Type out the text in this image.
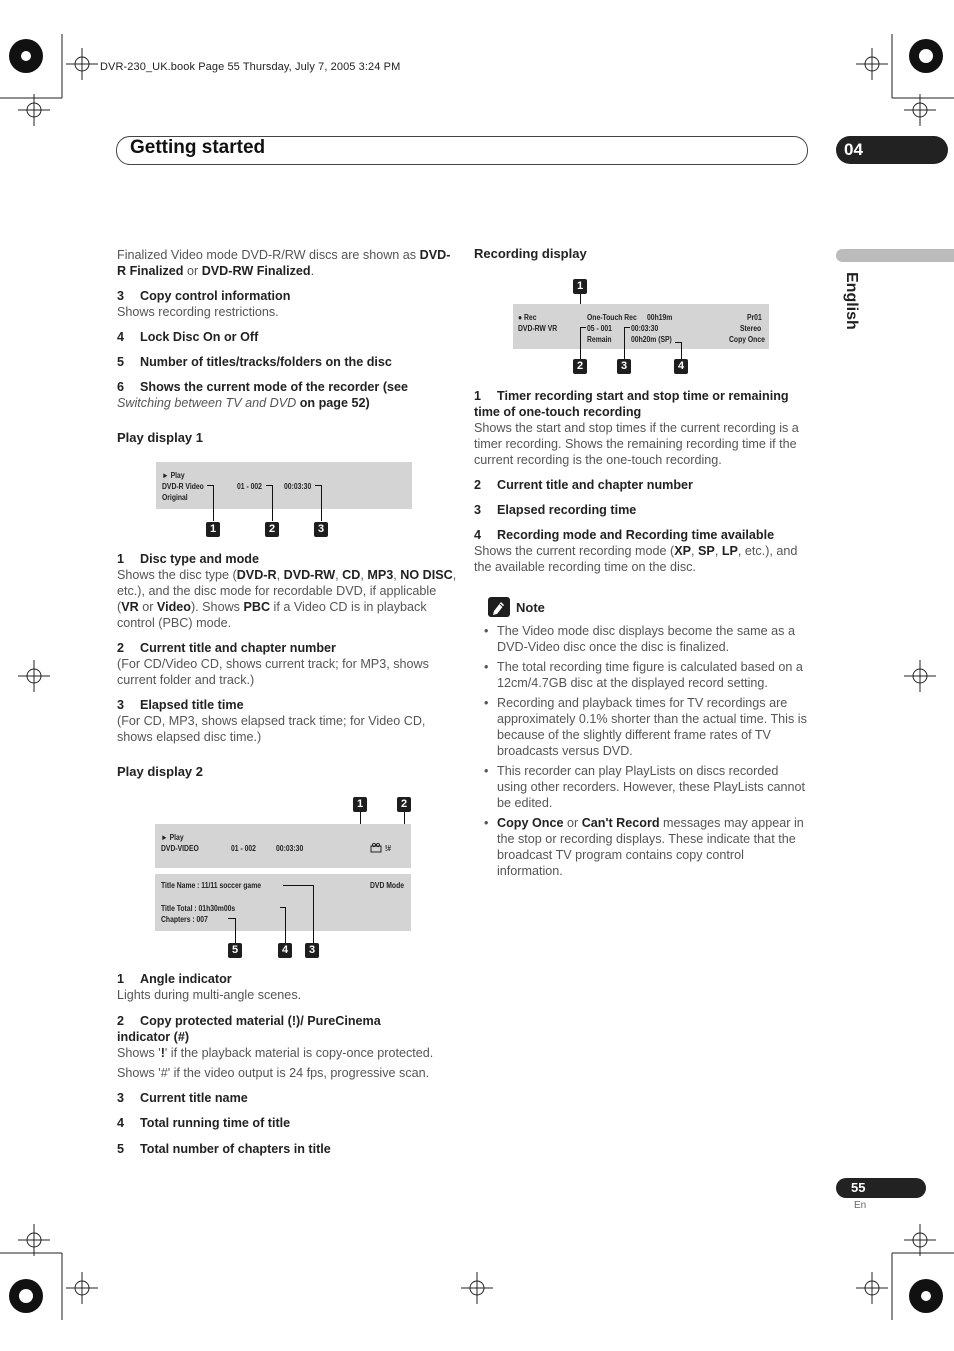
DVR-230_UK.book Page 55 Thursday, July 7, 2005 3:24 PM
Getting started	04
English

Finalized Video mode DVD-R/RW discs are shown as DVD-R Finalized or DVD-RW Finalized.

3 Copy control information

Shows recording restrictions.

4 Lock Disc On or Off

5 Number of titles/tracks/folders on the disc

6 Shows the current mode of the recorder (see

Switching between TV and DVD on page 52)

Play display 1
► Play
DVD-R Video
Original
01 - 002	00:03:30
1	2	3

1 Disc type and mode

Shows the disc type (DVD-R, DVD-RW, CD, MP3, NO DISC, etc.), and the disc mode for recordable DVD, if applicable (VR or Video). Shows PBC if a Video CD is in playback control (PBC) mode.

2 Current title and chapter number

(For CD/Video CD, shows current track; for MP3, shows current folder and track.)

3 Elapsed title time

(For CD, MP3, shows elapsed track time; for Video CD, shows elapsed disc time.)

Play display 2
1	2
► Play
DVD-VIDEO	01 - 002	00:03:30	!#
Title Name : 11/11 soccer game	DVD Mode
Title Total : 01h30m00s
Chapters : 007
5	4	3

1 Angle indicator

Lights during multi-angle scenes.

2 Copy protected material (!)/ PureCinema

indicator (#)

Shows '!' if the playback material is copy-once protected.

Shows '#' if the video output is 24 fps, progressive scan.

3 Current title name

4 Total running time of title

5 Total number of chapters in title

Recording display
1
● Rec
DVD-RW VR
One-Touch Rec 00h19m
05 - 001 00:03:30
Remain 00h20m (SP)
Pr01
Stereo
Copy Once
2	3	4

1 Timer recording start and stop time or remaining

time of one-touch recording

Shows the start and stop times if the current recording is a timer recording. Shows the remaining recording time if the current recording is the one-touch recording.

2 Current title and chapter number

3 Elapsed recording time

4 Recording mode and Recording time available

Shows the current recording mode (XP, SP, LP, etc.), and the available recording time on the disc.

Note
• The Video mode disc displays become the same as a DVD-Video disc once the disc is finalized.
• The total recording time figure is calculated based on a 12cm/4.7GB disc at the displayed record setting.
• Recording and playback times for TV recordings are approximately 0.1% shorter than the actual time. This is because of the slightly different frame rates of TV broadcasts versus DVD.
• This recorder can play PlayLists on discs recorded using other recorders. However, these PlayLists cannot be edited.
• Copy Once or Can't Record messages may appear in the stop or recording displays. These indicate that the broadcast TV program contains copy control information.
55
En
